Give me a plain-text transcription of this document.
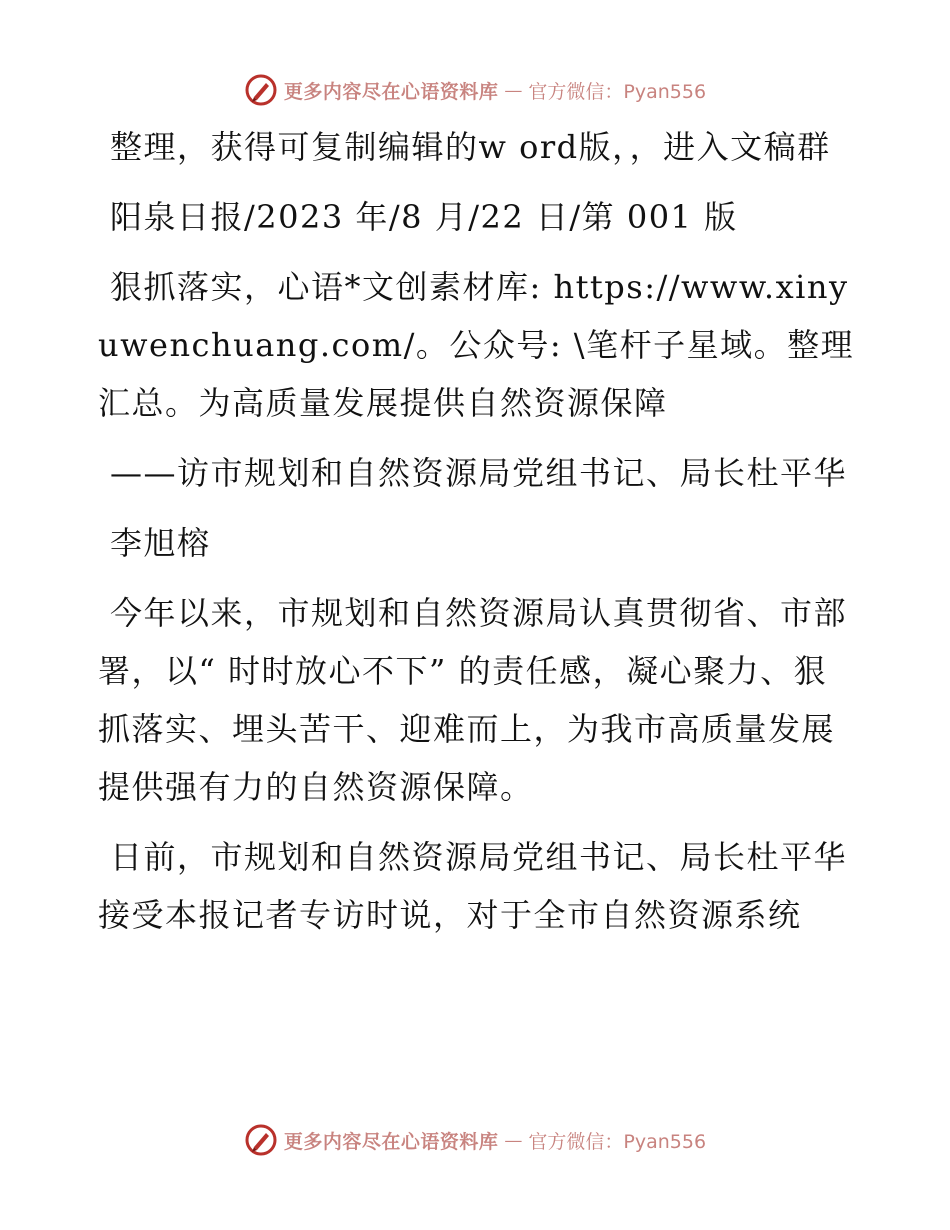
更多内容尽在心语资料库 — 官方微信：Pyan556

整理，获得可复制编辑的w ord版，，进入文稿群

阳泉日报/2023 年/8 月/22 日/第 001 版

狠抓落实，心语*文创素材库: https://www.xinyuwenchuang.com/。公众号: \笔杆子星域。整理汇总。为高质量发展提供自然资源保障

——访市规划和自然资源局党组书记、局长杜平华

李旭榕

今年以来，市规划和自然资源局认真贯彻省、市部署，以“ 时时放心不下” 的责任感，凝心聚力、狠抓落实、埋头苦干、迎难而上，为我市高质量发展提供强有力的自然资源保障。

日前，市规划和自然资源局党组书记、局长杜平华接受本报记者专访时说，对于全市自然资源系统

更多内容尽在心语资料库 — 官方微信：Pyan556
